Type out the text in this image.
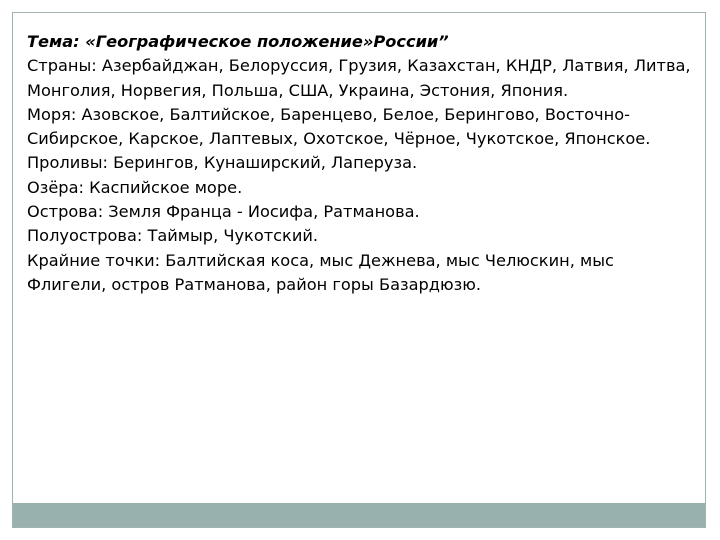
Тема: «Географическое положение»России”

Страны: Азербайджан, Белоруссия, Грузия, Казахстан, КНДР, Латвия, Литва, Монголия, Норвегия, Польша, США, Украина, Эстония, Япония.

Моря: Азовское, Балтийское, Баренцево, Белое, Берингово, Восточно-Сибирское, Карское, Лаптевых, Охотское, Чёрное, Чукотское, Японское.

Проливы: Берингов, Кунаширский, Лаперуза.

Озёра: Каспийское море.

Острова: Земля Франца - Иосифа, Ратманова.

Полуострова: Таймыр, Чукотский.

Крайние точки: Балтийская коса, мыс Дежнева, мыс Челюскин, мыс Флигели, остров Ратманова, район горы Базардюзю.
